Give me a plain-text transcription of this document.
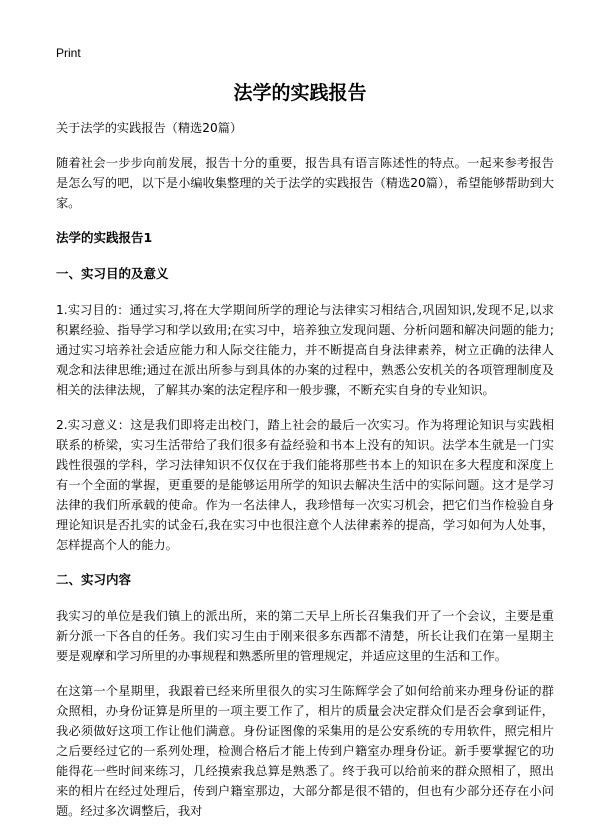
Print
法学的实践报告

关于法学的实践报告（精选20篇）

随着社会一步步向前发展，报告十分的重要，报告具有语言陈述性的特点。一起来参考报告是怎么写的吧，以下是小编收集整理的关于法学的实践报告（精选20篇），希望能够帮助到大家。

法学的实践报告1
一、实习目的及意义

1.实习目的：通过实习,将在大学期间所学的理论与法律实习相结合,巩固知识,发现不足,以求积累经验、指导学习和学以致用;在实习中，培养独立发现问题、分析问题和解决问题的能力;通过实习培养社会适应能力和人际交往能力，并不断提高自身法律素养，树立正确的法律人观念和法律思维;通过在派出所参与到具体的办案的过程中，熟悉公安机关的各项管理制度及相关的法律法规，了解其办案的法定程序和一般步骤，不断充实自身的专业知识。

2.实习意义：这是我们即将走出校门，踏上社会的最后一次实习。作为将理论知识与实践相联系的桥梁，实习生活带给了我们很多有益经验和书本上没有的知识。法学本生就是一门实践性很强的学科，学习法律知识不仅仅在于我们能将那些书本上的知识在多大程度和深度上有一个全面的掌握，更重要的是能够运用所学的知识去解决生活中的实际问题。这才是学习法律的我们所承载的使命。作为一名法律人，我珍惜每一次实习机会，把它们当作检验自身理论知识是否扎实的试金石,我在实习中也很注意个人法律素养的提高，学习如何为人处事，怎样提高个人的能力。

二、实习内容

我实习的单位是我们镇上的派出所，来的第二天早上所长召集我们开了一个会议，主要是重新分派一下各自的任务。我们实习生由于刚来很多东西都不清楚，所长让我们在第一星期主要是观摩和学习所里的办事规程和熟悉所里的管理规定，并适应这里的生活和工作。

在这第一个星期里，我跟着已经来所里很久的实习生陈辉学会了如何给前来办理身份证的群众照相，办身份证算是所里的一项主要工作了，相片的质量会决定群众们是否会拿到证件，我必须做好这项工作让他们满意。身份证图像的采集用的是公安系统的专用软件，照完相片之后要经过它的一系列处理，检测合格后才能上传到户籍室办理身份证。新手要掌握它的功能得花一些时间来练习，几经摸索我总算是熟悉了。终于我可以给前来的群众照相了，照出来的相片在经过处理后，传到户籍室那边，大部分都是很不错的，但也有少部分还存在小问题。经过多次调整后，我对
